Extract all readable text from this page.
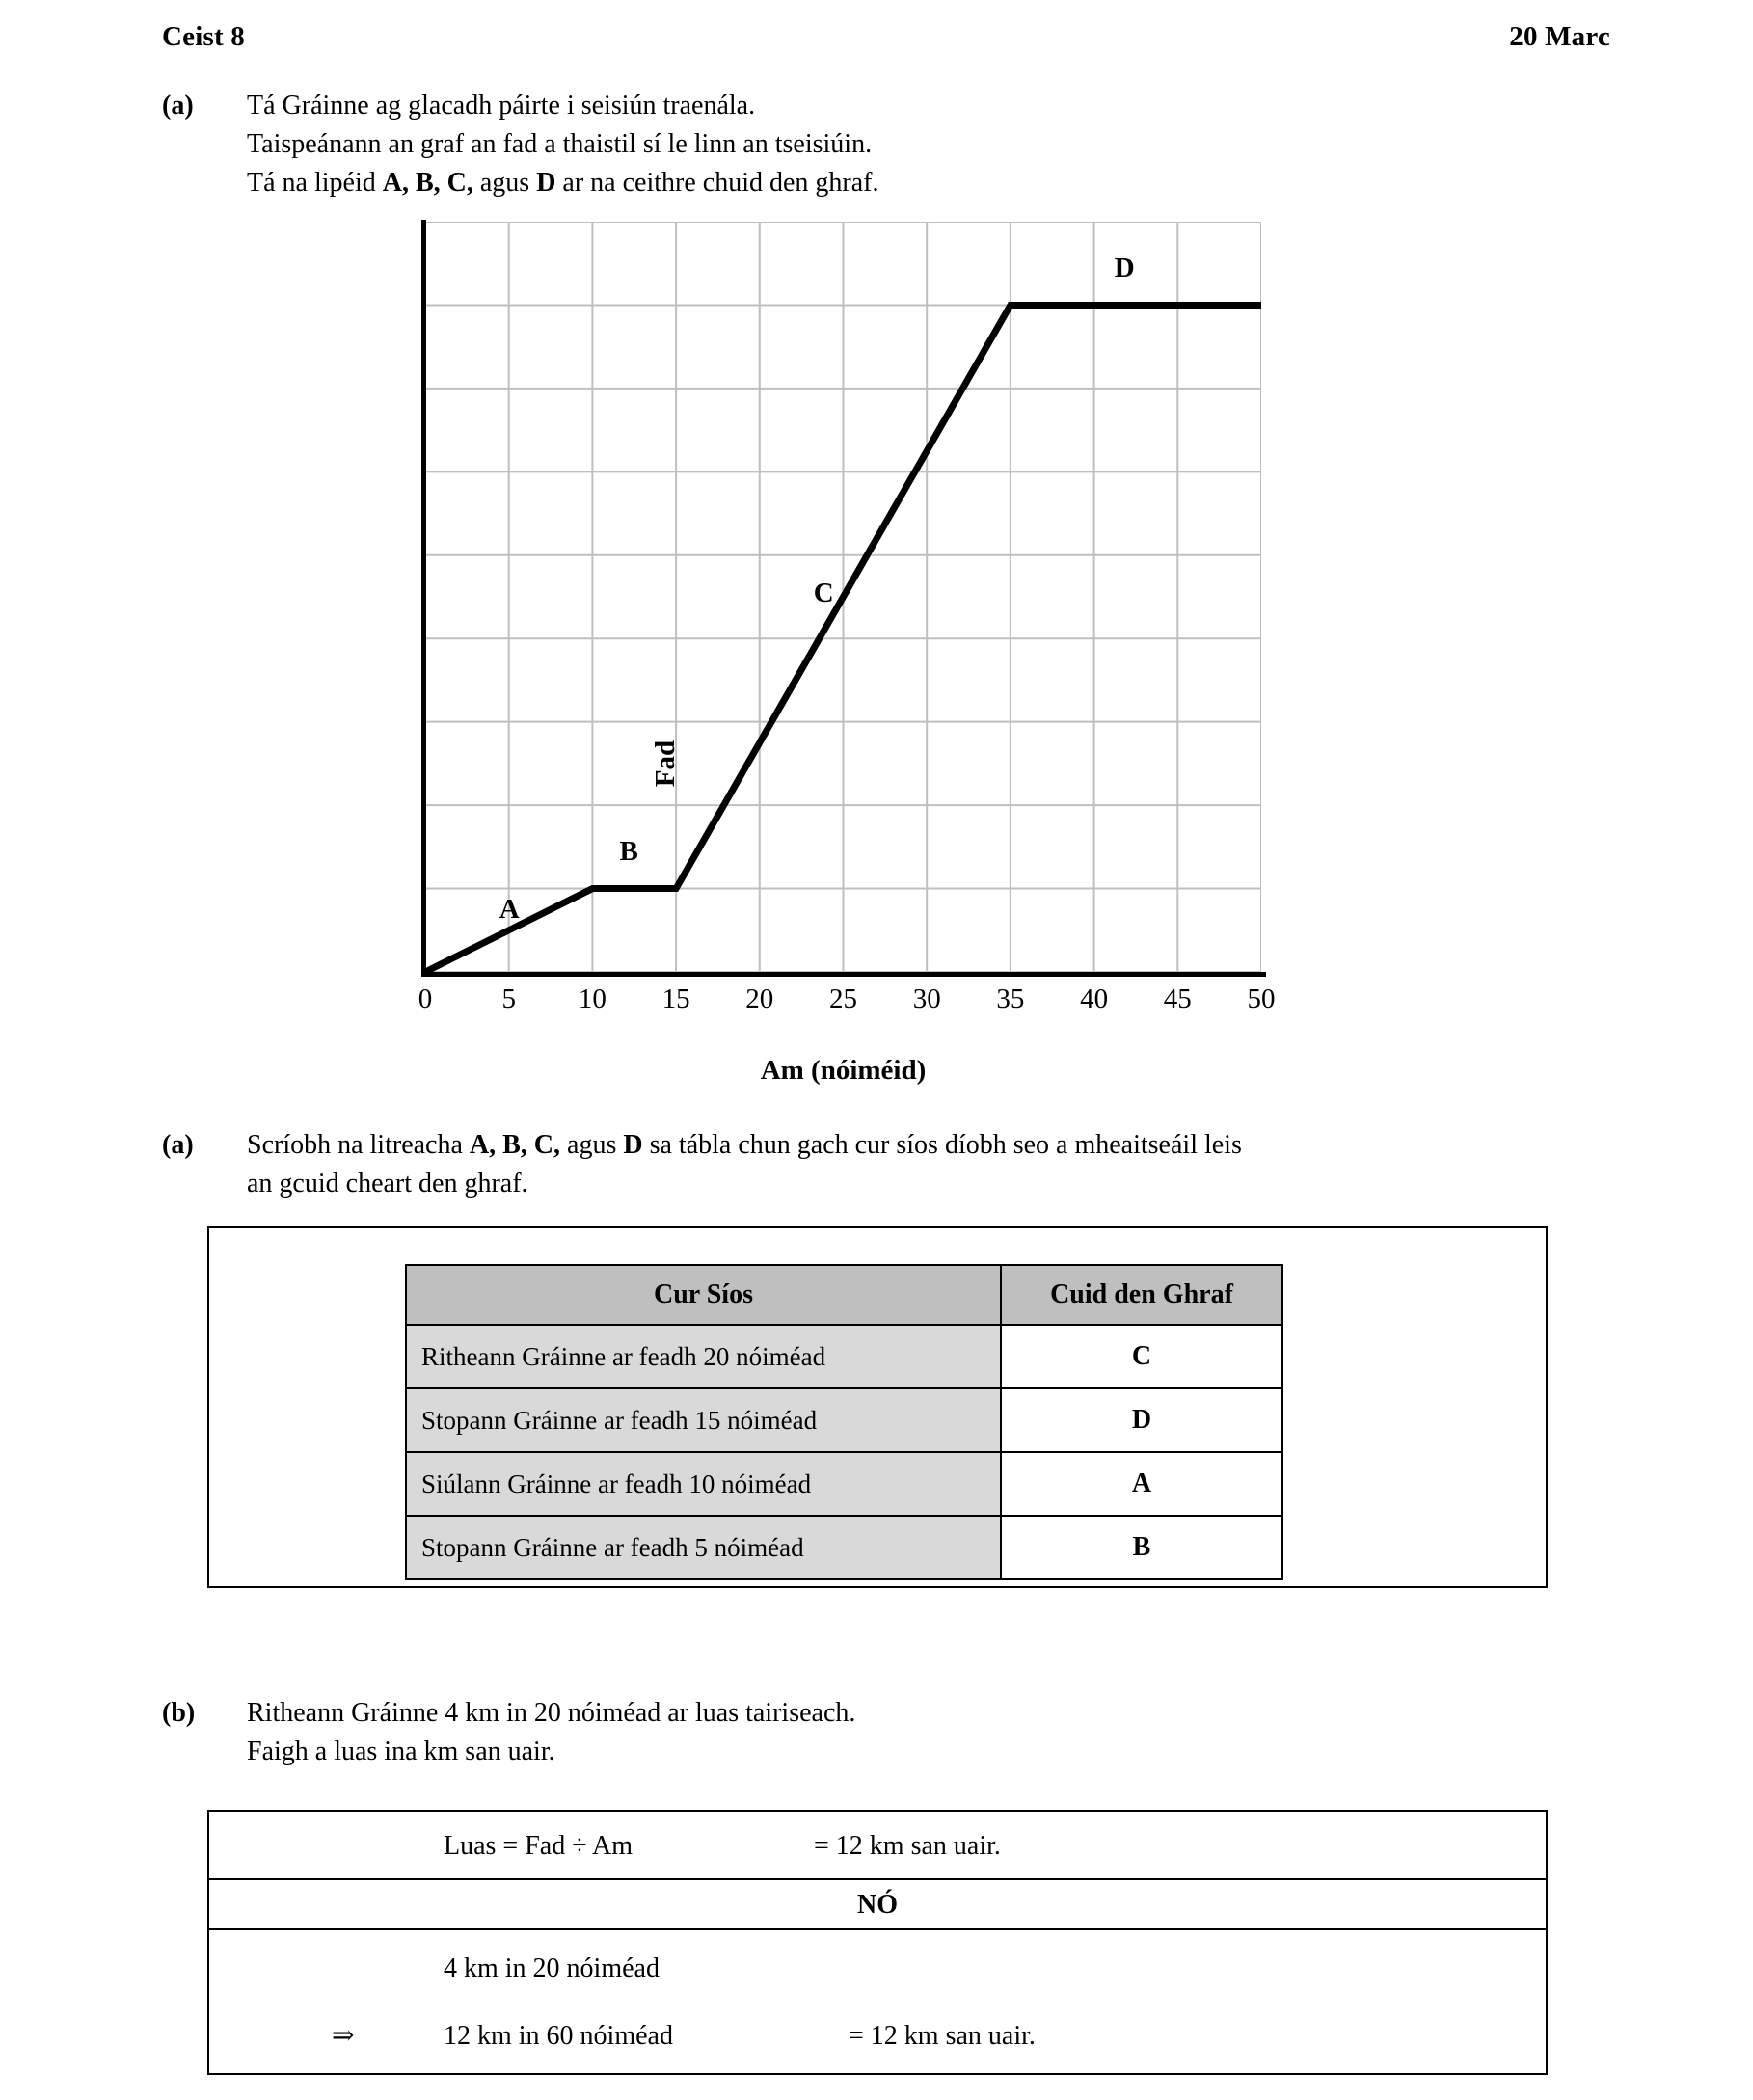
Ceist 8	20 Marc
(a)	Tá Gráinne ag glacadh páirte i seisiún traenála.
Taispeánann an graf an fad a thaistil sí le linn an tseisiúin.
Tá na lipéid A, B, C, agus D ar na ceithre chuid den ghraf.
Fad
A
B
C
D
0 5 10 15 20 25 30 35 40 45 50
Am (nóiméid)
(a)	Scríobh na litreacha A, B, C, agus D sa tábla chun gach cur síos díobh seo a mheaitseáil leis
an gcuid cheart den ghraf.
Cur Síos	Cuid den Ghraf
Ritheann Gráinne ar feadh 20 nóiméad	C
Stopann Gráinne ar feadh 15 nóiméad	D
Siúlann Gráinne ar feadh 10 nóiméad	A
Stopann Gráinne ar feadh 5 nóiméad	B
(b)	Ritheann Gráinne 4 km in 20 nóiméad ar luas tairiseach.
Faigh a luas ina km san uair.
Luas = Fad ÷ Am	= 12 km san uair.
NÓ
4 km in 20 nóiméad
⇒	12 km in 60 nóiméad	= 12 km san uair.
